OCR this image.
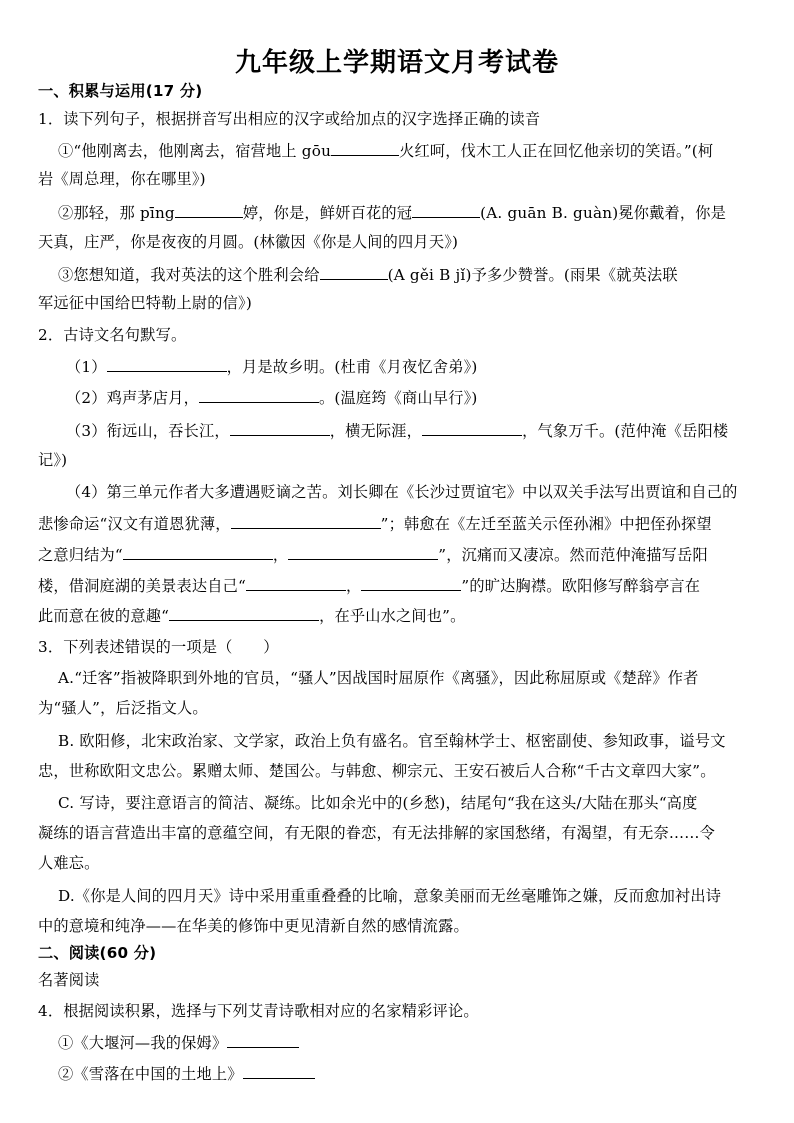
九年级上学期语文月考试卷
一、积累与运用(17 分)
1．读下列句子，根据拼音写出相应的汉字或给加点的汉字选择正确的读音
①“他刚离去，他刚离去，宿营地上 gōu	火红呵，伐木工人正在回忆他亲切的笑语。”(柯
岩《周总理，你在哪里》)
②那轻，那 pīng	婷，你是，鲜妍百花的冠	(A. guān B. guàn)冕你戴着，你是
天真，庄严，你是夜夜的月圆。(林徽因《你是人间的四月天》)
③您想知道，我对英法的这个胜利会给	(A gěi B jǐ)予多少赞誉。(雨果《就英法联
军远征中国给巴特勒上尉的信》)
2．古诗文名句默写。
（1）	，月是故乡明。(杜甫《月夜忆舍弟》)
（2）鸡声茅店月，	。(温庭筠《商山早行》)
（3）衔远山，吞长江，	，横无际涯，	，气象万千。(范仲淹《岳阳楼
记》)
（4）第三单元作者大多遭遇贬谪之苦。刘长卿在《长沙过贾谊宅》中以双关手法写出贾谊和自己的
悲惨命运“汉文有道恩犹薄，	”；韩愈在《左迁至蓝关示侄孙湘》中把侄孙探望
之意归结为“	，	”，沉痛而又凄凉。然而范仲淹描写岳阳
楼，借洞庭湖的美景表达自己“	，	”的旷达胸襟。欧阳修写醉翁亭言在
此而意在彼的意趣“	，在乎山水之间也”。
3．下列表述错误的一项是（　　）
A.“迁客”指被降职到外地的官员，“骚人”因战国时屈原作《离骚》，因此称屈原或《楚辞》作者
为“骚人”，后泛指文人。
B. 欧阳修，北宋政治家、文学家，政治上负有盛名。官至翰林学士、枢密副使、参知政事，谥号文
忠，世称欧阳文忠公。累赠太师、楚国公。与韩愈、柳宗元、王安石被后人合称“千古文章四大家”。
C. 写诗，要注意语言的简洁、凝练。比如余光中的(乡愁)，结尾句“我在这头/大陆在那头“高度
凝练的语言营造出丰富的意蕴空间，有无限的眷恋，有无法排解的家国愁绪，有渴望，有无奈……令
人难忘。
D.《你是人间的四月天》诗中采用重重叠叠的比喻，意象美丽而无丝毫雕饰之嫌，反而愈加衬出诗
中的意境和纯净——在华美的修饰中更见清新自然的感情流露。
二、阅读(60 分)
名著阅读
4．根据阅读积累，选择与下列艾青诗歌相对应的名家精彩评论。
①《大堰河—我的保姆》
②《雪落在中国的土地上》
